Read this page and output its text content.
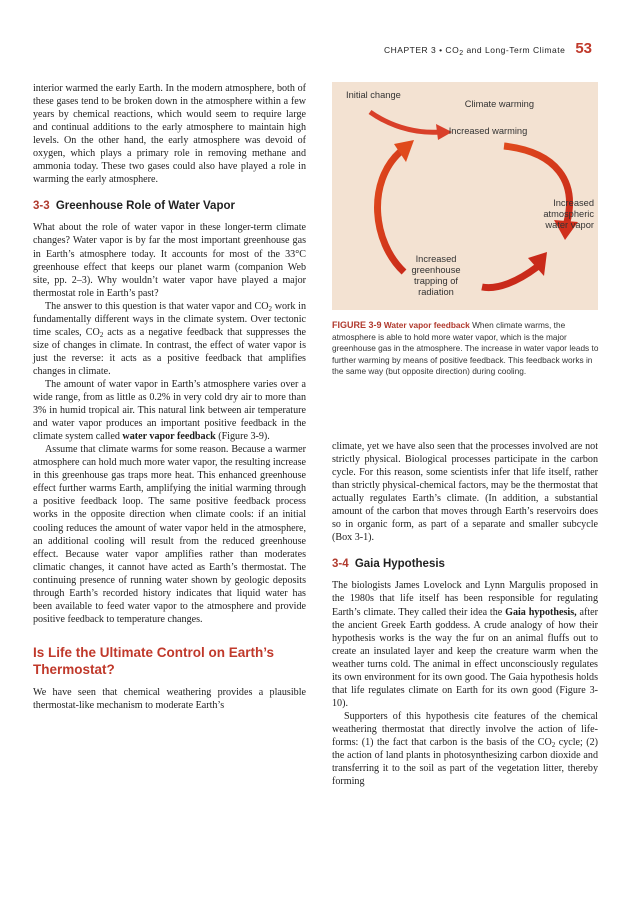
CHAPTER 3 • $CO_2$ and Long-Term Climate 53

interior warmed the early Earth. In the modern atmosphere, both of these gases tend to be broken down in the atmosphere within a few years by chemical reactions, which would seem to require large and continual additions to the early atmosphere to maintain high levels. On the other hand, the early atmosphere was devoid of oxygen, which plays a primary role in removing methane and ammonia today. These two gases could also have played a role in warming the early atmosphere.

3-3 Greenhouse Role of Water Vapor

What about the role of water vapor in these longer-term climate changes? Water vapor is by far the most important greenhouse gas in Earth’s atmosphere today. It accounts for most of the 33°C greenhouse effect that keeps our planet warm (companion Web site, pp. 2–3). Why wouldn’t water vapor have played a major thermostat role in Earth’s past?

The answer to this question is that water vapor and $CO_2$ work in fundamentally different ways in the climate system. Over tectonic time scales, $CO_2$ acts as a negative feedback that suppresses the size of changes in climate. In contrast, the effect of water vapor is just the reverse: it acts as a positive feedback that amplifies changes in climate.

The amount of water vapor in Earth’s atmosphere varies over a wide range, from as little as 0.2% in very cold dry air to more than 3% in humid tropical air. This natural link between air temperature and water vapor produces an important positive feedback in the climate system called water vapor feedback (Figure 3-9).

Assume that climate warms for some reason. Because a warmer atmosphere can hold much more water vapor, the resulting increase in this greenhouse gas traps more heat. This enhanced greenhouse effect further warms Earth, amplifying the initial warming through a positive feedback loop. The same positive feedback process works in the opposite direction when climate cools: if an initial cooling reduces the amount of water vapor held in the atmosphere, an additional cooling will result from the reduced greenhouse effect. Because water vapor amplifies rather than moderates climatic changes, it cannot have acted as Earth’s thermostat. The continuing presence of running water shown by geologic deposits through Earth’s recorded history indicates that liquid water has been available to feed water vapor to the atmosphere and provide positive feedback to temperature changes.

Is Life the Ultimate Control on Earth’s Thermostat?

We have seen that chemical weathering provides a plausible thermostat-like mechanism to moderate Earth’s

Initial change
Climate warming
Increased warming
Increased atmospheric water vapor
Increased greenhouse trapping of radiation
FIGURE 3-9 Water vapor feedback When climate warms, the atmosphere is able to hold more water vapor, which is the major greenhouse gas in the atmosphere. The increase in water vapor leads to further warming by means of positive feedback. This feedback works in the same way (but opposite direction) during cooling.

climate, yet we have also seen that the processes involved are not strictly physical. Biological processes participate in the carbon cycle. For this reason, some scientists infer that life itself, rather than strictly physical-chemical factors, may be the thermostat that actually regulates Earth’s climate. (In addition, a substantial amount of the carbon that moves through Earth’s reservoirs does so in organic form, as part of a separate and smaller subcycle (Box 3-1).

3-4 Gaia Hypothesis

The biologists James Lovelock and Lynn Margulis proposed in the 1980s that life itself has been responsible for regulating Earth’s climate. They called their idea the Gaia hypothesis, after the ancient Greek Earth goddess. A crude analogy of how their hypothesis works is the way the fur on an animal fluffs out to create an insulated layer and keep the creature warm when the weather turns cold. The animal in effect unconsciously regulates its own environment for its own good. The Gaia hypothesis holds that life regulates climate on Earth for its own good (Figure 3-10).

Supporters of this hypothesis cite features of the chemical weathering thermostat that directly involve the action of life-forms: (1) the fact that carbon is the basis of the $CO_2$ cycle; (2) the action of land plants in photosynthesizing carbon dioxide and transferring it to the soil as part of the vegetation litter, thereby forming
